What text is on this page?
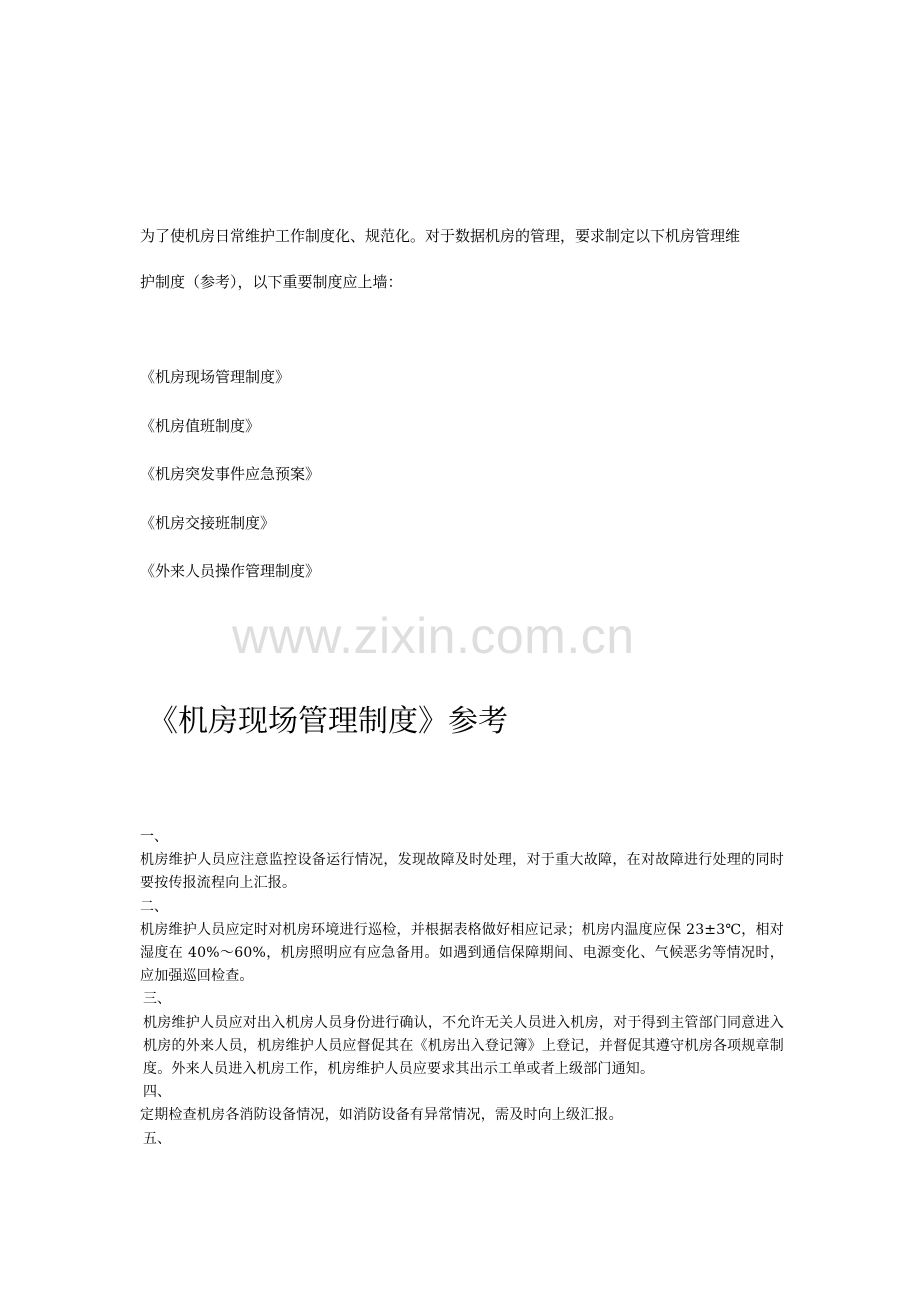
为了使机房日常维护工作制度化、规范化。对于数据机房的管理，要求制定以下机房管理维
护制度（参考），以下重要制度应上墙：
《机房现场管理制度》
《机房值班制度》
《机房突发事件应急预案》
《机房交接班制度》
《外来人员操作管理制度》
www.zixin.com.cn
《机房现场管理制度》参考

一、

机房维护人员应注意监控设备运行情况，发现故障及时处理，对于重大故障，在对故障进行处理的同时要按传报流程向上汇报。

二、

机房维护人员应定时对机房环境进行巡检，并根据表格做好相应记录；机房内温度应保 23±3℃，相对湿度在 40%～60%，机房照明应有应急备用。如遇到通信保障期间、电源变化、气候恶劣等情况时，应加强巡回检查。

三、

机房维护人员应对出入机房人员身份进行确认，不允许无关人员进入机房，对于得到主管部门同意进入机房的外来人员，机房维护人员应督促其在《机房出入登记簿》上登记，并督促其遵守机房各项规章制度。外来人员进入机房工作，机房维护人员应要求其出示工单或者上级部门通知。

四、

定期检查机房各消防设备情况，如消防设备有异常情况，需及时向上级汇报。

五、
